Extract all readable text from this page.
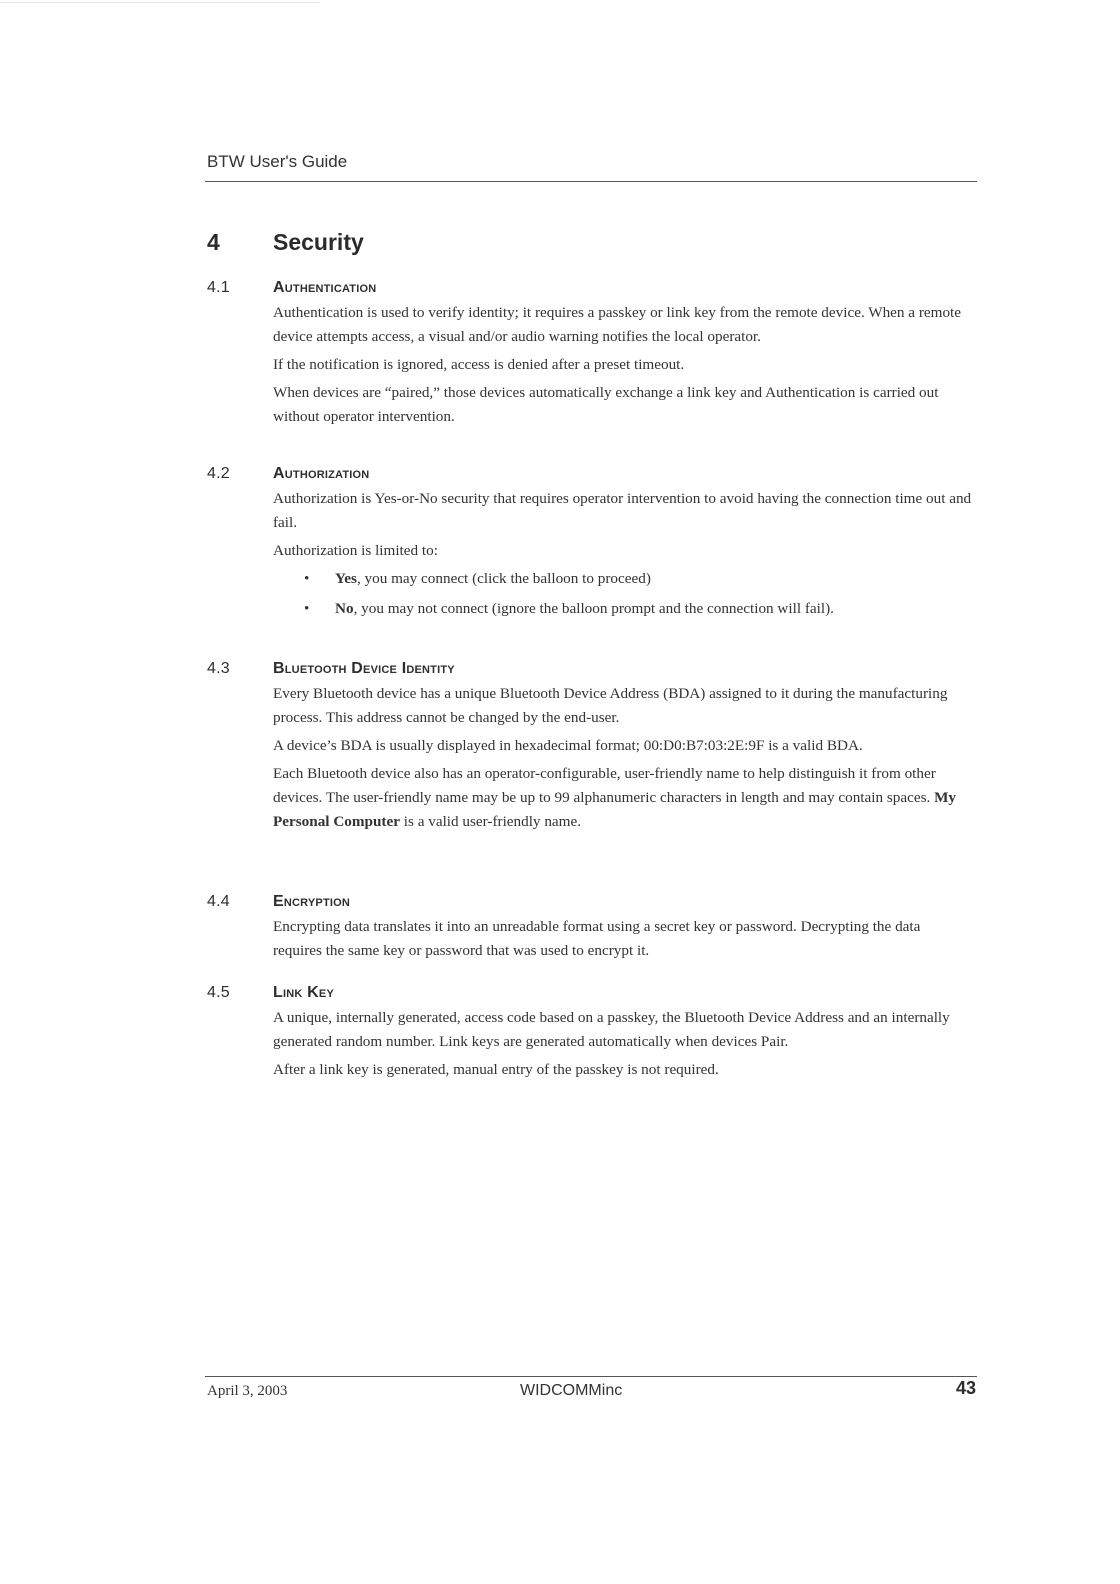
BTW User's Guide
4 Security
4.1	Authentication

Authentication is used to verify identity; it requires a passkey or link key from the remote device. When a remote device attempts access, a visual and/or audio warning notifies the local operator.

If the notification is ignored, access is denied after a preset timeout.

When devices are “paired,” those devices automatically exchange a link key and Authentication is carried out without operator intervention.

4.2	Authorization

Authorization is Yes-or-No security that requires operator intervention to avoid having the connection time out and fail.

Authorization is limited to:

• Yes, you may connect (click the balloon to proceed)
• No, you may not connect (ignore the balloon prompt and the connection will fail).
4.3	Bluetooth Device Identity

Every Bluetooth device has a unique Bluetooth Device Address (BDA) assigned to it during the manufacturing process. This address cannot be changed by the end-user.

A device’s BDA is usually displayed in hexadecimal format; 00:D0:B7:03:2E:9F is a valid BDA.

Each Bluetooth device also has an operator-configurable, user-friendly name to help distinguish it from other devices. The user-friendly name may be up to 99 alphanumeric characters in length and may contain spaces. My Personal Computer is a valid user-friendly name.

4.4	Encryption

Encrypting data translates it into an unreadable format using a secret key or password. Decrypting the data requires the same key or password that was used to encrypt it.

4.5	Link Key

A unique, internally generated, access code based on a passkey, the Bluetooth Device Address and an internally generated random number. Link keys are generated automatically when devices Pair.

After a link key is generated, manual entry of the passkey is not required.

April 3, 2003	WIDCOMMinc	43
